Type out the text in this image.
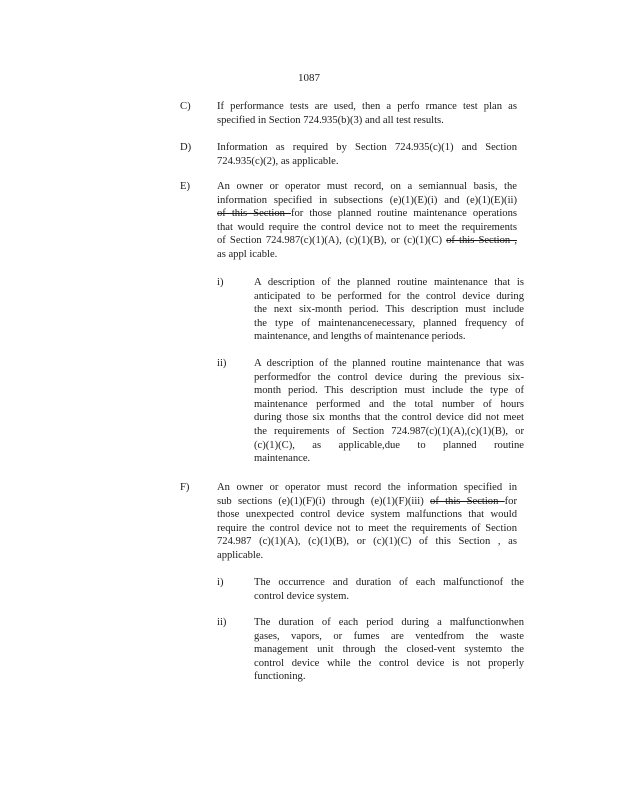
1087
C)	If performance tests are used, then a perfo rmance test plan as
specified in Section 724.935(b)(3) and all test results.
D)	Information as required by Section 724.935(c)(1) and Section
724.935(c)(2), as applicable.
E)	An owner or operator must record, on a semiannual basis, the
information specified in subsections (e)(1)(E)(i) and (e)(1)(E)(ii)
of this Section for those planned routine maintenance operations
that would require the control device not to meet the requirements
of Section 724.987(c)(1)(A), (c)(1)(B), or (c)(1)(C) of this Section ,
as appl icable.
i)	A description of the planned routine maintenance that is
anticipated to be performed for the control device during
the next six-month period. This description must include
the type of maintenancenecessary, planned frequency of
maintenance, and lengths of maintenance periods.
ii)	A description of the planned routine maintenance that was
performedfor the control device during the previous six-
month period. This description must include the type of
maintenance performed and the total number of hours
during those six months that the control device did not meet
the requirements of Section 724.987(c)(1)(A),(c)(1)(B), or
(c)(1)(C), as applicable,due to planned routine
maintenance.
F)	An owner or operator must record the information specified in
sub sections (e)(1)(F)(i) through (e)(1)(F)(iii) of this Section for
those unexpected control device system malfunctions that would
require the control device not to meet the requirements of Section
724.987 (c)(1)(A), (c)(1)(B), or (c)(1)(C) of this Section , as
applicable.
i)	The occurrence and duration of each malfunctionof the
control device system.
ii)	The duration of each period during a malfunctionwhen
gases, vapors, or fumes are ventedfrom the waste
management unit through the closed-vent systemto the
control device while the control device is not properly
functioning.
